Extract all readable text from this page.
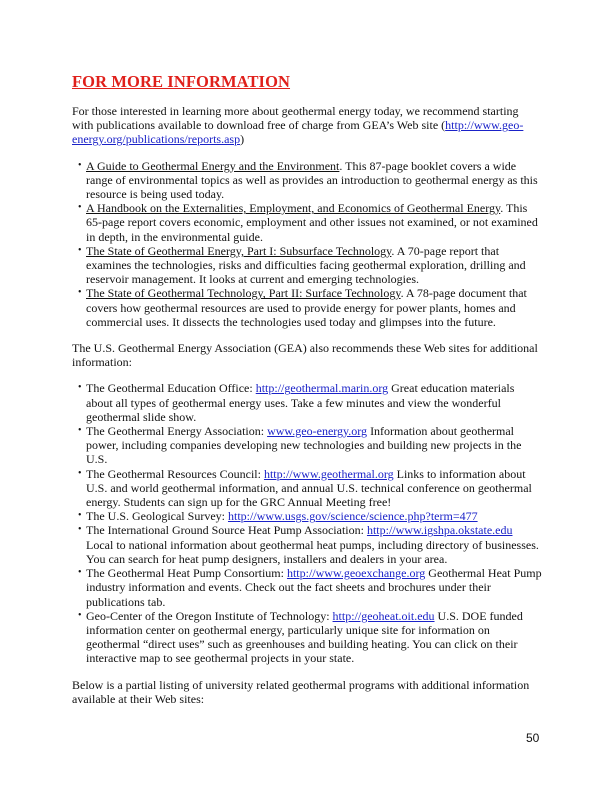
FOR MORE INFORMATION

For those interested in learning more about geothermal energy today, we recommend starting with publications available to download free of charge from GEA’s Web site (http://www.geo-energy.org/publications/reports.asp)

• A Guide to Geothermal Energy and the Environment. This 87-page booklet covers a wide range of environmental topics as well as provides an introduction to geothermal energy as this resource is being used today.
• A Handbook on the Externalities, Employment, and Economics of Geothermal Energy. This 65-page report covers economic, employment and other issues not examined, or not examined in depth, in the environmental guide.
• The State of Geothermal Energy, Part I: Subsurface Technology. A 70-page report that examines the technologies, risks and difficulties facing geothermal exploration, drilling and reservoir management. It looks at current and emerging technologies.
• The State of Geothermal Technology, Part II: Surface Technology. A 78-page document that covers how geothermal resources are used to provide energy for power plants, homes and commercial uses. It dissects the technologies used today and glimpses into the future.

The U.S. Geothermal Energy Association (GEA) also recommends these Web sites for additional information:

• The Geothermal Education Office: http://geothermal.marin.org Great education materials about all types of geothermal energy uses. Take a few minutes and view the wonderful geothermal slide show.
• The Geothermal Energy Association: www.geo-energy.org Information about geothermal power, including companies developing new technologies and building new projects in the U.S.
• The Geothermal Resources Council: http://www.geothermal.org Links to information about U.S. and world geothermal information, and annual U.S. technical conference on geothermal energy. Students can sign up for the GRC Annual Meeting free!
• The U.S. Geological Survey: http://www.usgs.gov/science/science.php?term=477
• The International Ground Source Heat Pump Association: http://www.igshpa.okstate.edu Local to national information about geothermal heat pumps, including directory of businesses. You can search for heat pump designers, installers and dealers in your area.
• The Geothermal Heat Pump Consortium: http://www.geoexchange.org Geothermal Heat Pump industry information and events. Check out the fact sheets and brochures under their publications tab.
• Geo-Center of the Oregon Institute of Technology: http://geoheat.oit.edu U.S. DOE funded information center on geothermal energy, particularly unique site for information on geothermal “direct uses” such as greenhouses and building heating. You can click on their interactive map to see geothermal projects in your state.

Below is a partial listing of university related geothermal programs with additional information available at their Web sites:

50
